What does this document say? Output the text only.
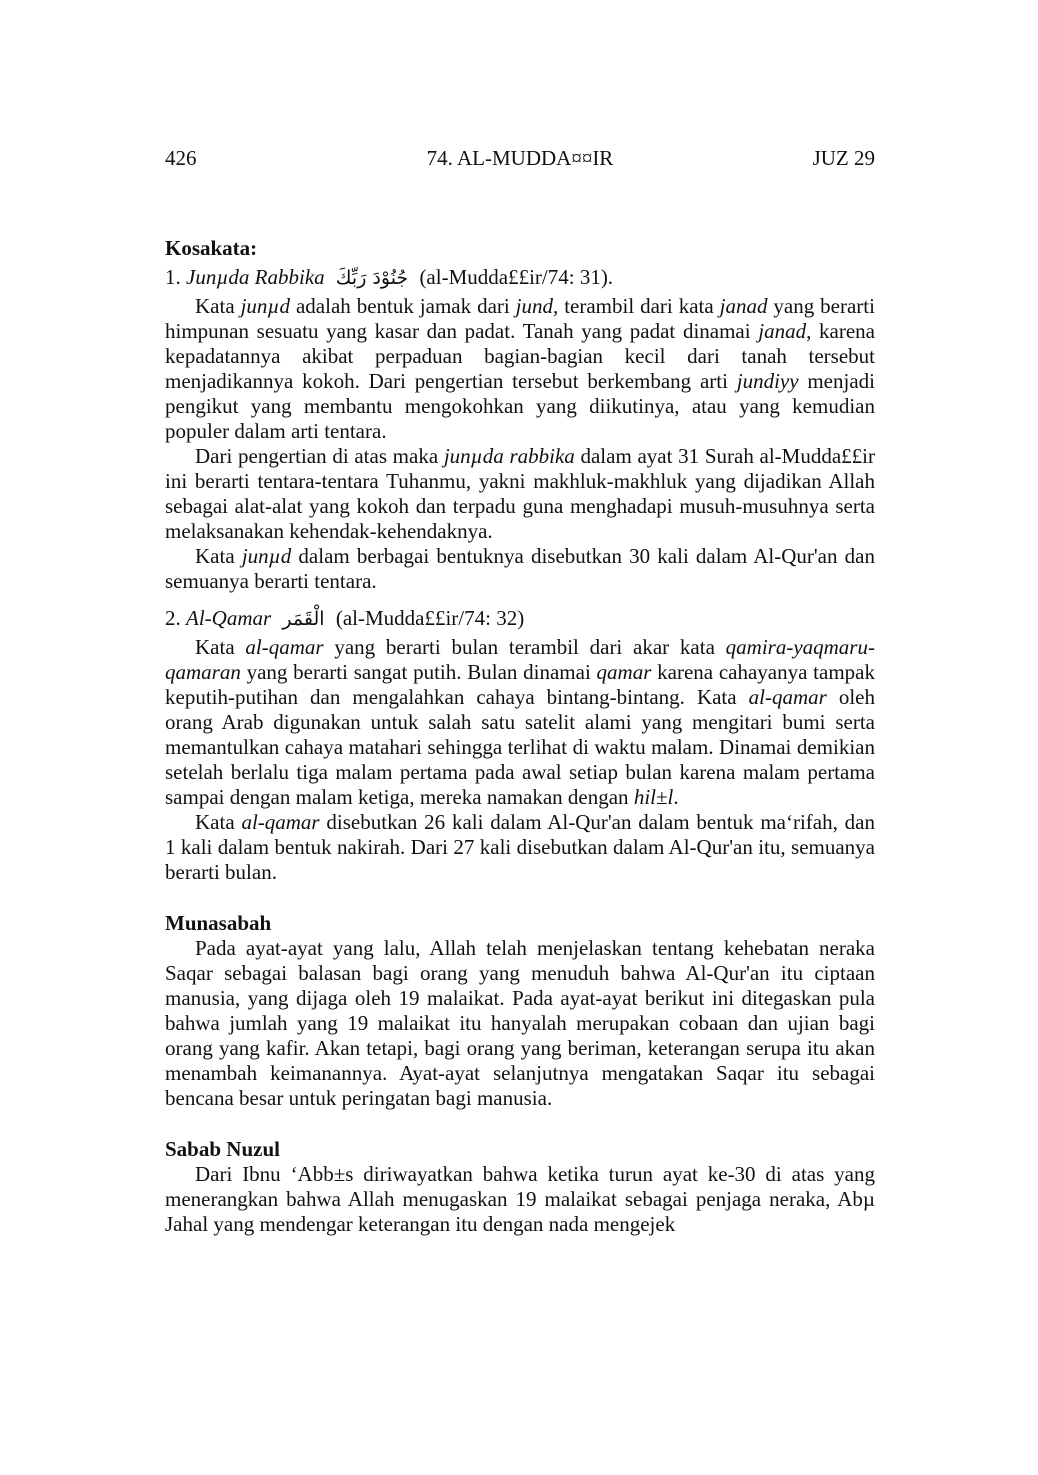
426	74. AL-MUDDA¤¤IR	JUZ 29
Kosakata:
1. Junµda Rabbika جُنُوْدَ رَبِّكَ (al-Mudda££ir/74: 31).

Kata junµd adalah bentuk jamak dari jund, terambil dari kata janad yang berarti himpunan sesuatu yang kasar dan padat. Tanah yang padat dinamai janad, karena kepadatannya akibat perpaduan bagian-bagian kecil dari tanah tersebut menjadikannya kokoh. Dari pengertian tersebut berkembang arti jundiyy menjadi pengikut yang membantu mengokohkan yang diikutinya, atau yang kemudian populer dalam arti tentara.

Dari pengertian di atas maka junµda rabbika dalam ayat 31 Surah al-Mudda££ir ini berarti tentara-tentara Tuhanmu, yakni makhluk-makhluk yang dijadikan Allah sebagai alat-alat yang kokoh dan terpadu guna menghadapi musuh-musuhnya serta melaksanakan kehendak-kehendaknya.

Kata junµd dalam berbagai bentuknya disebutkan 30 kali dalam Al-Qur'an dan semuanya berarti tentara.

2. Al-Qamar الْقَمَر (al-Mudda££ir/74: 32)

Kata al-qamar yang berarti bulan terambil dari akar kata qamira-yaqmaru-qamaran yang berarti sangat putih. Bulan dinamai qamar karena cahayanya tampak keputih-putihan dan mengalahkan cahaya bintang-bintang. Kata al-qamar oleh orang Arab digunakan untuk salah satu satelit alami yang mengitari bumi serta memantulkan cahaya matahari sehingga terlihat di waktu malam. Dinamai demikian setelah berlalu tiga malam pertama pada awal setiap bulan karena malam pertama sampai dengan malam ketiga, mereka namakan dengan hil±l.

Kata al-qamar disebutkan 26 kali dalam Al-Qur'an dalam bentuk ma‘rifah, dan 1 kali dalam bentuk nakirah. Dari 27 kali disebutkan dalam Al-Qur'an itu, semuanya berarti bulan.

Munasabah

Pada ayat-ayat yang lalu, Allah telah menjelaskan tentang kehebatan neraka Saqar sebagai balasan bagi orang yang menuduh bahwa Al-Qur'an itu ciptaan manusia, yang dijaga oleh 19 malaikat. Pada ayat-ayat berikut ini ditegaskan pula bahwa jumlah yang 19 malaikat itu hanyalah merupakan cobaan dan ujian bagi orang yang kafir. Akan tetapi, bagi orang yang beriman, keterangan serupa itu akan menambah keimanannya. Ayat-ayat selanjutnya mengatakan Saqar itu sebagai bencana besar untuk peringatan bagi manusia.

Sabab Nuzul

Dari Ibnu ‘Abb±s diriwayatkan bahwa ketika turun ayat ke-30 di atas yang menerangkan bahwa Allah menugaskan 19 malaikat sebagai penjaga neraka, Abµ Jahal yang mendengar keterangan itu dengan nada mengejek
